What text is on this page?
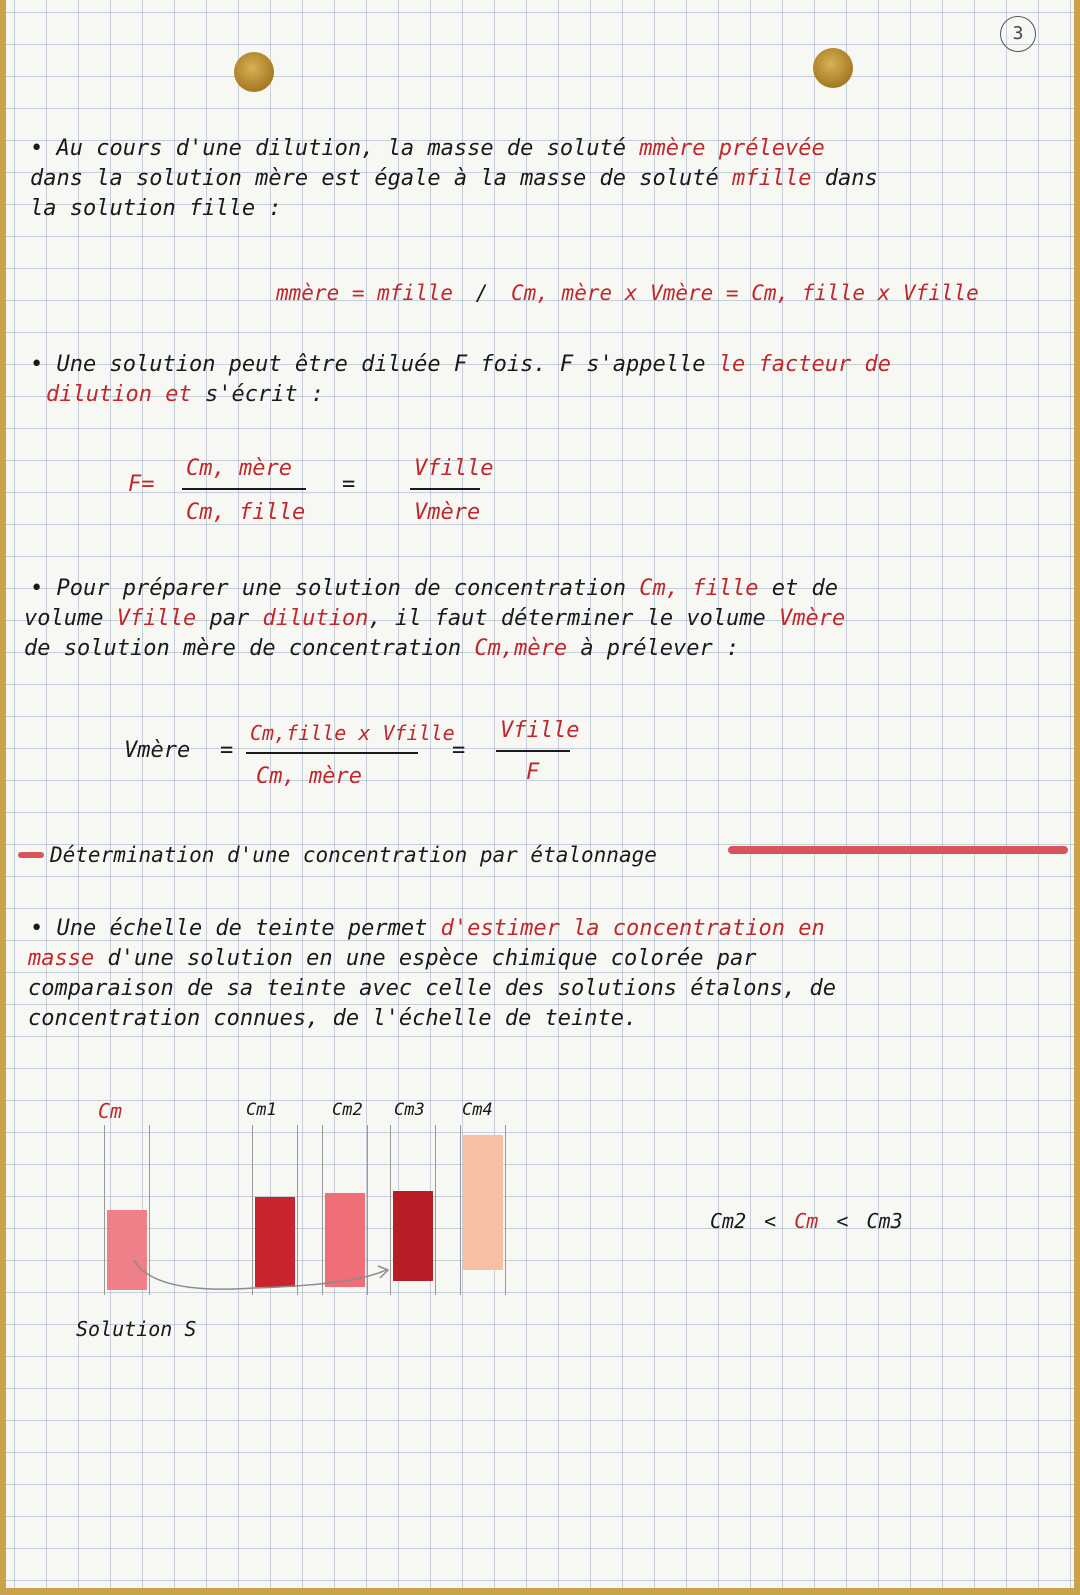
3
• Au cours d'une dilution, la masse de soluté mmère prélevée
dans la solution mère est égale à la masse de soluté mfille dans
la solution fille :
mmère = mfille / Cm, mère x Vmère = Cm, fille x Vfille
• Une solution peut être diluée F fois. F s'appelle le facteur de
dilution et s'écrit :
F=
Cm, mère
Cm, fille
=
Vfille
Vmère
• Pour préparer une solution de concentration Cm, fille et de
volume Vfille par dilution, il faut déterminer le volume Vmère
de solution mère de concentration Cm,mère à prélever :
Vmère =
Cm,fille x Vfille
Cm, mère
=
Vfille
F
Détermination d'une concentration par étalonnage
• Une échelle de teinte permet d'estimer la concentration en
masse d'une solution en une espèce chimique colorée par
comparaison de sa teinte avec celle des solutions étalons, de
concentration connues, de l'échelle de teinte.
Cm	Cm1	Cm2 Cm3 Cm4
Solution S
Cm2 < Cm < Cm3
